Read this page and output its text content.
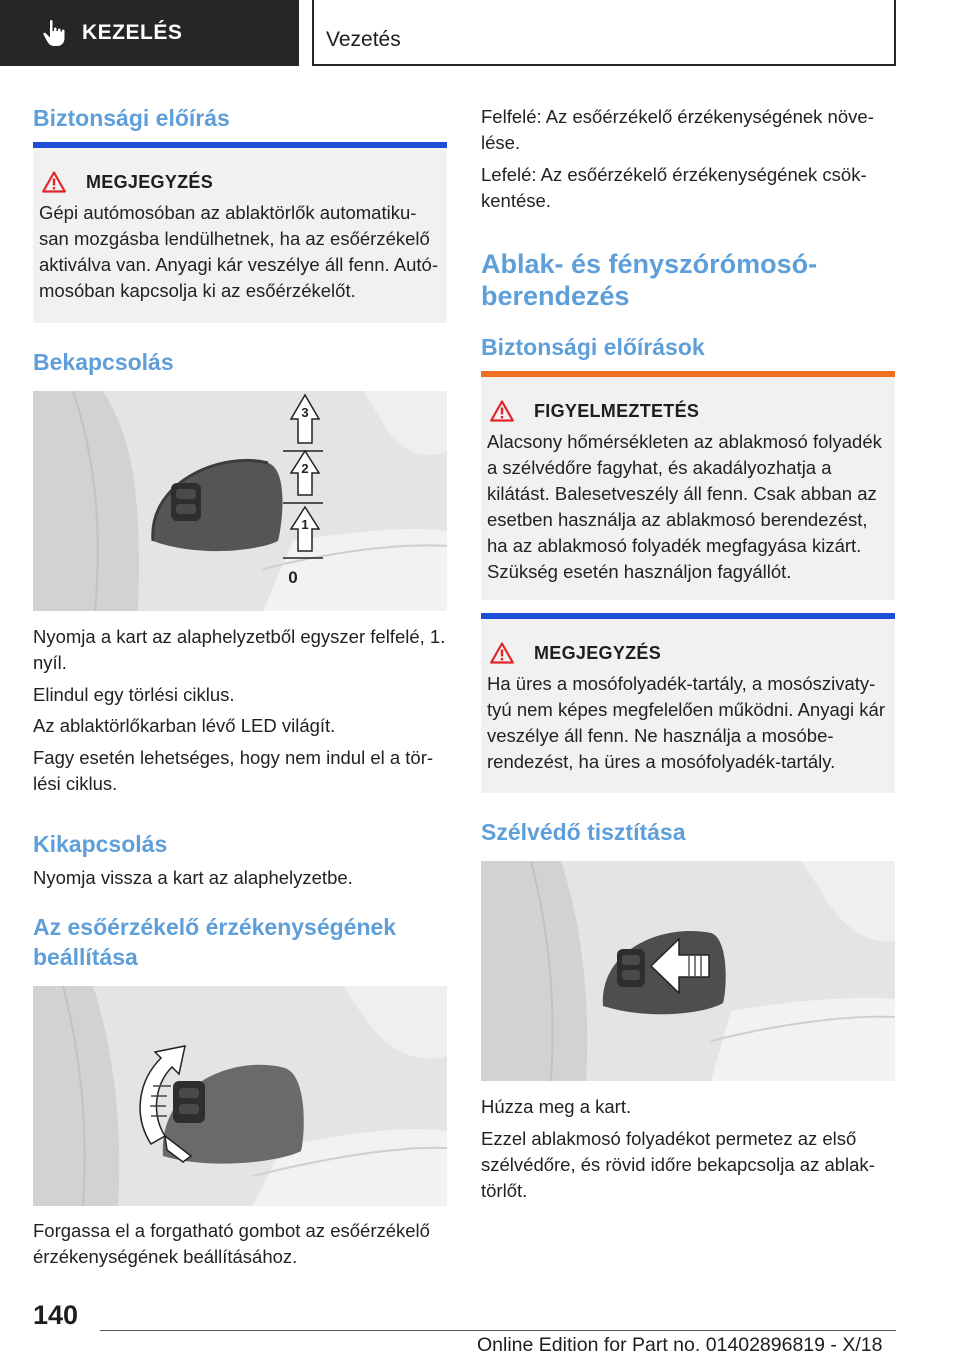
KEZELÉS	Vezetés
Biztonsági előírás
MEGJEGYZÉS
Gépi autómosóban az ablaktörlők automatikusan mozgásba lendülhetnek, ha az esőérzékelő aktiválva van. Anyagi kár veszélye áll fenn. Autómosóban kapcsolja ki az esőérzékelőt.
Bekapcsolás
3
2
1
0
Nyomja a kart az alaphelyzetből egyszer felfelé, 1. nyíl.
Elindul egy törlési ciklus.
Az ablaktörlőkarban lévő LED világít.
Fagy esetén lehetséges, hogy nem indul el a törlési ciklus.
Kikapcsolás
Nyomja vissza a kart az alaphelyzetbe.
Az esőérzékelő érzékenységének
beállítása
Forgassa el a forgatható gombot az esőérzékelő érzékenységének beállításához.
Felfelé: Az esőérzékelő érzékenységének növelése.
Lefelé: Az esőérzékelő érzékenységének csökkentése.
Ablak- és fényszórómosó-
berendezés
Biztonsági előírások
FIGYELMEZTETÉS
Alacsony hőmérsékleten az ablakmosó folyadék a szélvédőre fagyhat, és akadályozhatja a kilátást. Balesetveszély áll fenn. Csak abban az esetben használja az ablakmosó berendezést, ha az ablakmosó folyadék megfagyása kizárt. Szükség esetén használjon fagyállót.
MEGJEGYZÉS
Ha üres a mosófolyadék-tartály, a mosószivatytyú nem képes megfelelően működni. Anyagi kár veszélye áll fenn. Ne használja a mosóberendezést, ha üres a mosófolyadék-tartály.
Szélvédő tisztítása
Húzza meg a kart.
Ezzel ablakmosó folyadékot permetez az első szélvédőre, és rövid időre bekapcsolja az ablaktörlőt.
140
Online Edition for Part no. 01402896819 - X/18
